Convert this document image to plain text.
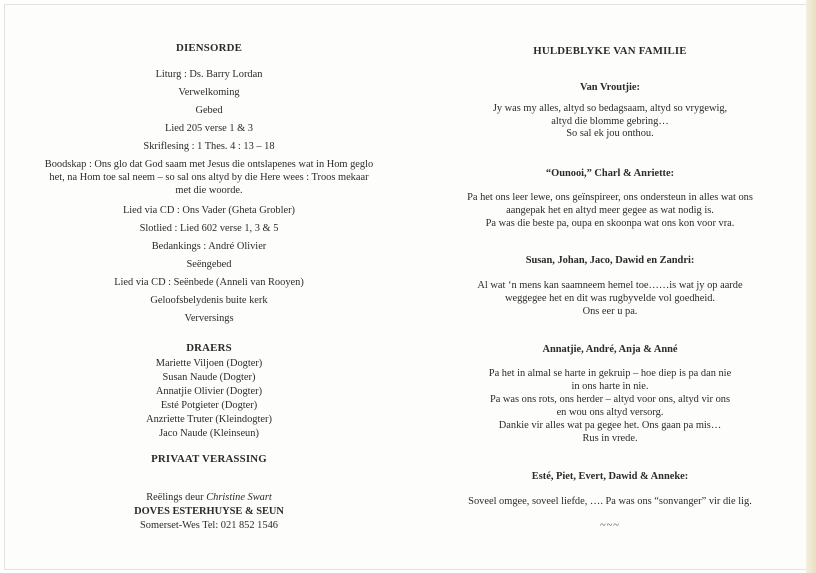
DIENSORDE
Liturg : Ds. Barry Lordan
Verwelkoming
Gebed
Lied 205 verse 1 & 3
Skriflesing : 1 Thes. 4 : 13 – 18
Boodskap : Ons glo dat God saam met Jesus die ontslapenes wat in Hom geglo het, na Hom toe sal neem – so sal ons altyd by die Here wees : Troos mekaar met die woorde.
Lied via CD : Ons Vader (Gheta Grobler)
Slotlied : Lied 602 verse 1, 3 & 5
Bedankings : André Olivier
Seëngebed
Lied via CD : Seënbede (Anneli van Rooyen)
Geloofsbelydenis buite kerk
Verversings
DRAERS
Mariette Viljoen (Dogter)
Susan Naude (Dogter)
Annatjie Olivier (Dogter)
Esté Potgieter (Dogter)
Anzriette Truter (Kleindogter)
Jaco Naude (Kleinseun)
PRIVAAT VERASSING
Reëlings deur Christine Swart
DOVES ESTERHUYSE & SEUN
Somerset-Wes Tel: 021 852 1546
HULDEBLYKE VAN FAMILIE
Van Vroutjie:
Jy was my alles, altyd so bedagsaam, altyd so vrygewig,
altyd die blomme gebring…
So sal ek jou onthou.
“Ounooi,” Charl & Anriette:
Pa het ons leer lewe, ons geïnspireer, ons ondersteun in alles wat ons
aangepak het en altyd meer gegee as wat nodig is.
Pa was die beste pa, oupa en skoonpa wat ons kon voor vra.
Susan, Johan, Jaco, Dawid en Zandri:
Al wat ‘n mens kan saamneem hemel toe……is wat jy op aarde
weggegee het en dit was rugbyvelde vol goedheid.
Ons eer u pa.
Annatjie, André, Anja & Anné
Pa het in almal se harte in gekruip – hoe diep is pa dan nie
in ons harte in nie.
Pa was ons rots, ons herder – altyd voor ons, altyd vir ons
en wou ons altyd versorg.
Dankie vir alles wat pa gegee het. Ons gaan pa mis…
Rus in vrede.
Esté, Piet, Evert, Dawid & Anneke:
Soveel omgee, soveel liefde, …. Pa was ons “sonvanger” vir die lig.
~~~
